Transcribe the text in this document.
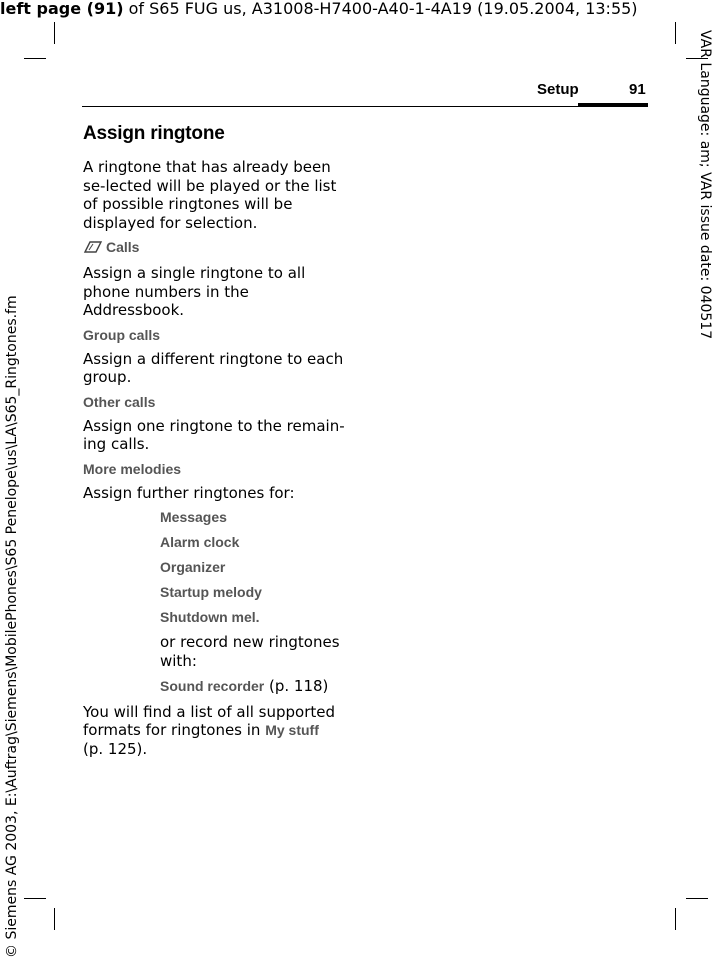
left page (91) of S65 FUG us, A31008-H7400-A40-1-4A19 (19.05.2004, 13:55)
VAR Language: am; VAR issue date: 040517
© Siemens AG 2003, E:\Auftrag\Siemens\MobilePhones\S65 Penelope\us\LA\S65_Ringtones.fm
Setup	91
Assign ringtone

A ringtone that has already been se-lected will be played or the list of possible ringtones will be displayed for selection.

Calls

Assign a single ringtone to all phone numbers in the Addressbook.

Group calls

Assign a different ringtone to each group.

Other calls

Assign one ringtone to the remain-ing calls.

More melodies

Assign further ringtones for:

Messages
Alarm clock
Organizer
Startup melody
Shutdown mel.

or record new ringtones with:

Sound recorder (p. 118)

You will find a list of all supported formats for ringtones in My stuff
(p. 125).
